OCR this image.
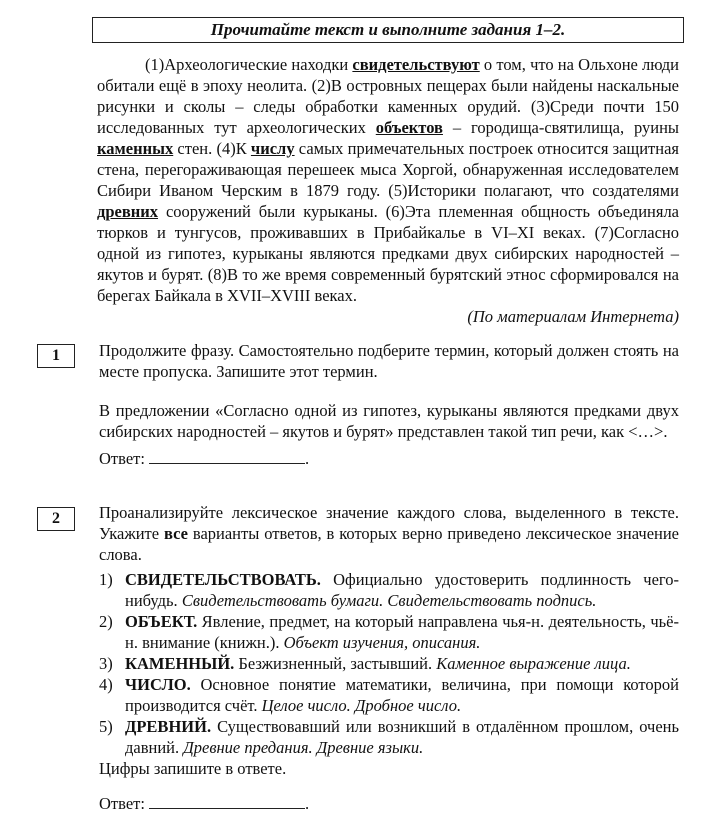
Прочитайте текст и выполните задания 1–2.

(1)Археологические находки свидетельствуют о том, что на Ольхоне люди обитали ещё в эпоху неолита. (2)В островных пещерах были найдены наскальные рисунки и сколы – следы обработки каменных орудий. (3)Среди почти 150 исследованных тут археологических объектов – городища-святилища, руины каменных стен. (4)К числу самых примечательных построек относится защитная стена, перегораживающая перешеек мыса Хоргой, обнаруженная исследователем Сибири Иваном Черским в 1879 году. (5)Историки полагают, что создателями древних сооружений были курыканы. (6)Эта племенная общность объединяла тюрков и тунгусов, проживавших в Прибайкалье в VI–XI веках. (7)Согласно одной из гипотез, курыканы являются предками двух сибирских народностей – якутов и бурят. (8)В то же время современный бурятский этнос сформировался на берегах Байкала в XVII–XVIII веках.

(По материалам Интернета)
1	Продолжите фразу. Самостоятельно подберите термин, который должен стоять на месте пропуска. Запишите этот термин.

В предложении «Согласно одной из гипотез, курыканы являются предками двух сибирских народностей – якутов и бурят» представлен такой тип речи, как <…>.

Ответ:	.

2	Проанализируйте лексическое значение каждого слова, выделенного в тексте. Укажите все варианты ответов, в которых верно приведено лексическое значение слова.

1) СВИДЕТЕЛЬСТВОВАТЬ. Официально удостоверить подлинность чего-нибудь. Свидетельствовать бумаги. Свидетельствовать подпись.
2) ОБЪЕКТ. Явление, предмет, на который направлена чья-н. деятельность, чьё-н. внимание (книжн.). Объект изучения, описания.
3) КАМЕННЫЙ. Безжизненный, застывший. Каменное выражение лица.
4) ЧИСЛО. Основное понятие математики, величина, при помощи которой производится счёт. Целое число. Дробное число.
5) ДРЕВНИЙ. Существовавший или возникший в отдалённом прошлом, очень давний. Древние предания. Древние языки.

Цифры запишите в ответе.

Ответ:	.
